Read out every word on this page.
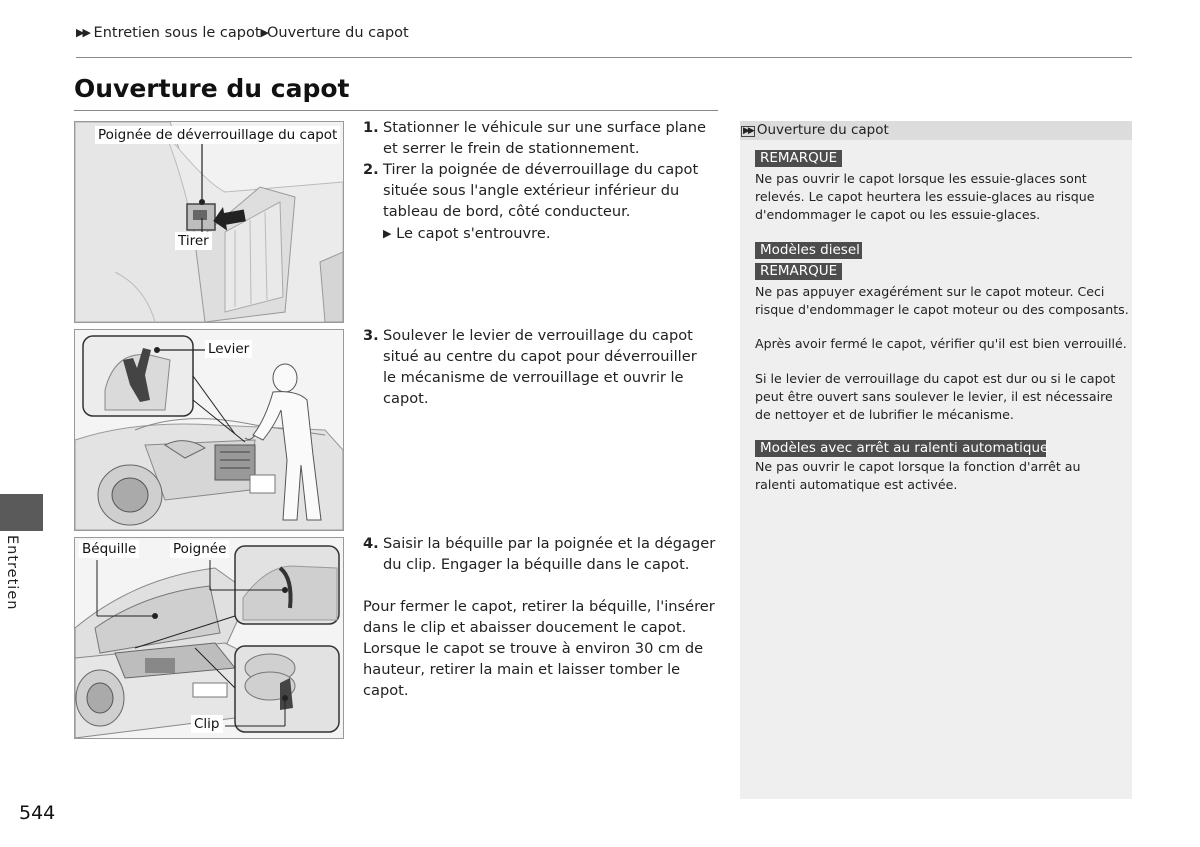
▶▶ Entretien sous le capot▶Ouverture du capot
Ouverture du capot
Poignée de déverrouillage du capot
Tirer
Levier
Béquille	Poignée
Clip
1. Stationner le véhicule sur une surface plane et serrer le frein de stationnement.
2. Tirer la poignée de déverrouillage du capot située sous l'angle extérieur inférieur du tableau de bord, côté conducteur.
▶ Le capot s'entrouvre.
3. Soulever le levier de verrouillage du capot situé au centre du capot pour déverrouiller le mécanisme de verrouillage et ouvrir le capot.
4. Saisir la béquille par la poignée et la dégager du clip. Engager la béquille dans le capot.
Pour fermer le capot, retirer la béquille, l'insérer dans le clip et abaisser doucement le capot. Lorsque le capot se trouve à environ 30 cm de hauteur, retirer la main et laisser tomber le capot.
▶▶ Ouverture du capot
REMARQUE
Ne pas ouvrir le capot lorsque les essuie-glaces sont relevés. Le capot heurtera les essuie-glaces au risque d'endommager le capot ou les essuie-glaces.
Modèles diesel
REMARQUE
Ne pas appuyer exagérément sur le capot moteur. Ceci risque d'endommager le capot moteur ou des composants.
Après avoir fermé le capot, vérifier qu'il est bien verrouillé.
Si le levier de verrouillage du capot est dur ou si le capot peut être ouvert sans soulever le levier, il est nécessaire de nettoyer et de lubrifier le mécanisme.
Modèles avec arrêt au ralenti automatique
Ne pas ouvrir le capot lorsque la fonction d'arrêt au ralenti automatique est activée.
Entretien
544
